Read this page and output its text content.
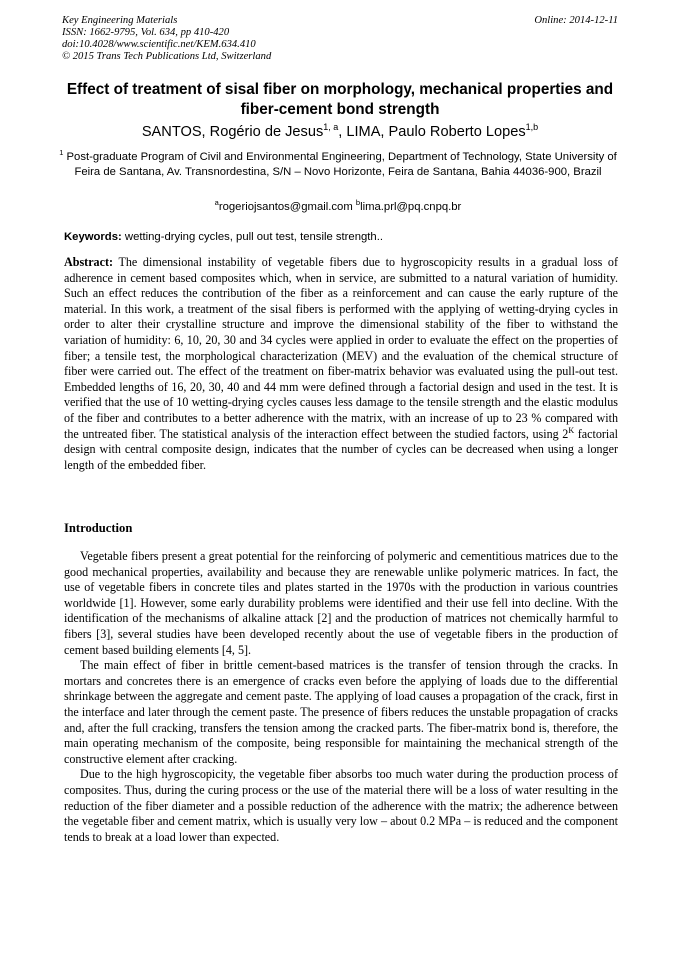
Key Engineering Materials
ISSN: 1662-9795, Vol. 634, pp 410-420
doi:10.4028/www.scientific.net/KEM.634.410
© 2015 Trans Tech Publications Ltd, Switzerland
Online: 2014-12-11
Effect of treatment of sisal fiber on morphology, mechanical properties and fiber-cement bond strength
SANTOS, Rogério de Jesus$^{1, a}$, LIMA, Paulo Roberto Lopes$^{1,b}$
$^1$ Post-graduate Program of Civil and Environmental Engineering, Department of Technology, State University of Feira de Santana, Av. Transnordestina, S/N – Novo Horizonte, Feira de Santana, Bahia 44036-900, Brazil
$^a$rogeriojsantos@gmail.com $^b$lima.prl@pq.cnpq.br
Keywords: wetting-drying cycles, pull out test, tensile strength..
Abstract: The dimensional instability of vegetable fibers due to hygroscopicity results in a gradual loss of adherence in cement based composites which, when in service, are submitted to a natural variation of humidity. Such an effect reduces the contribution of the fiber as a reinforcement and can cause the early rupture of the material. In this work, a treatment of the sisal fibers is performed with the applying of wetting-drying cycles in order to alter their crystalline structure and improve the dimensional stability of the fiber to withstand the variation of humidity: 6, 10, 20, 30 and 34 cycles were applied in order to evaluate the effect on the properties of fiber; a tensile test, the morphological characterization (MEV) and the evaluation of the chemical structure of fiber were carried out. The effect of the treatment on fiber-matrix behavior was evaluated using the pull-out test. Embedded lengths of 16, 20, 30, 40 and 44 mm were defined through a factorial design and used in the test. It is verified that the use of 10 wetting-drying cycles causes less damage to the tensile strength and the elastic modulus of the fiber and contributes to a better adherence with the matrix, with an increase of up to 23 % compared with the untreated fiber. The statistical analysis of the interaction effect between the studied factors, using $2^K$ factorial design with central composite design, indicates that the number of cycles can be decreased when using a longer length of the embedded fiber.
Introduction

Vegetable fibers present a great potential for the reinforcing of polymeric and cementitious matrices due to the good mechanical properties, availability and because they are renewable unlike polymeric matrices. In fact, the use of vegetable fibers in concrete tiles and plates started in the 1970s with the production in various countries worldwide [1]. However, some early durability problems were identified and their use fell into decline. With the identification of the mechanisms of alkaline attack [2] and the production of matrices not chemically harmful to fibers [3], several studies have been developed recently about the use of vegetable fibers in the production of cement based building elements [4, 5].

The main effect of fiber in brittle cement-based matrices is the transfer of tension through the cracks. In mortars and concretes there is an emergence of cracks even before the applying of loads due to the differential shrinkage between the aggregate and cement paste. The applying of load causes a propagation of the crack, first in the interface and later through the cement paste. The presence of fibers reduces the unstable propagation of cracks and, after the full cracking, transfers the tension among the cracked parts. The fiber-matrix bond is, therefore, the main operating mechanism of the composite, being responsible for maintaining the mechanical strength of the constructive element after cracking.

Due to the high hygroscopicity, the vegetable fiber absorbs too much water during the production process of composites. Thus, during the curing process or the use of the material there will be a loss of water resulting in the reduction of the fiber diameter and a possible reduction of the adherence with the matrix; the adherence between the vegetable fiber and cement matrix, which is usually very low – about 0.2 MPa – is reduced and the component tends to break at a load lower than expected.
